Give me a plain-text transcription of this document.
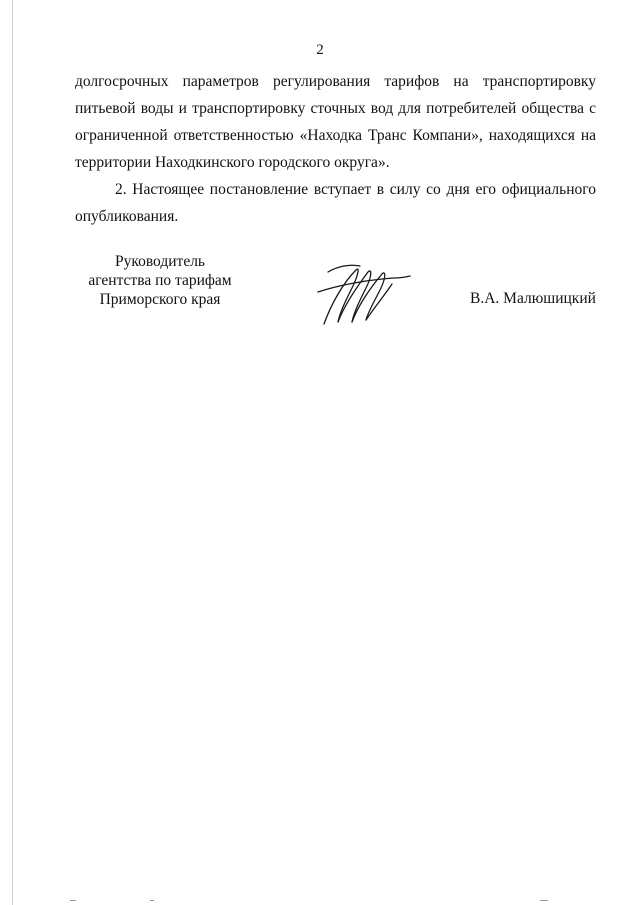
2

долгосрочных параметров регулирования тарифов на транспортировку питьевой воды и транспортировку сточных вод для потребителей общества с ограниченной ответственностью «Находка Транс Компани», находящихся на территории Находкинского городского округа».

2. Настоящее постановление вступает в силу со дня его официального опубликования.

Руководитель
агентства по тарифам
Приморского края	В.А. Малюшицкий
